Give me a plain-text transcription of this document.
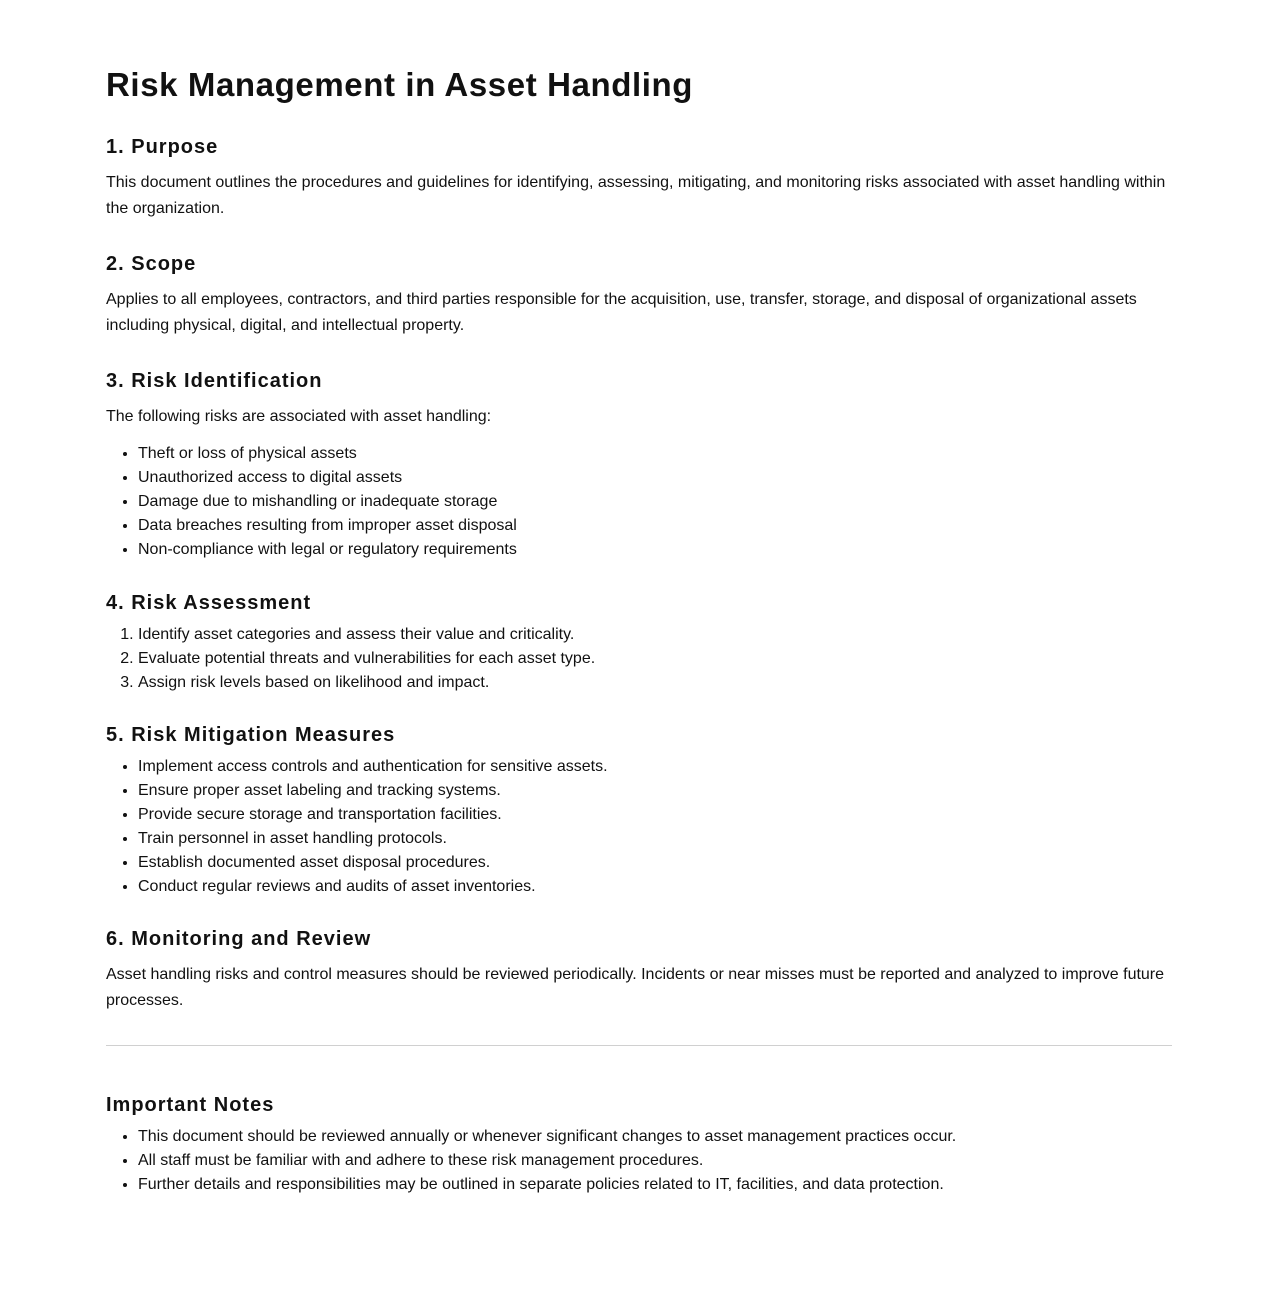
Risk Management in Asset Handling
1. Purpose

This document outlines the procedures and guidelines for identifying, assessing, mitigating, and monitoring risks associated with asset handling within the organization.

2. Scope

Applies to all employees, contractors, and third parties responsible for the acquisition, use, transfer, storage, and disposal of organizational assets including physical, digital, and intellectual property.

3. Risk Identification

The following risks are associated with asset handling:

• Theft or loss of physical assets
• Unauthorized access to digital assets
• Damage due to mishandling or inadequate storage
• Data breaches resulting from improper asset disposal
• Non-compliance with legal or regulatory requirements
4. Risk Assessment
1. Identify asset categories and assess their value and criticality.
2. Evaluate potential threats and vulnerabilities for each asset type.
3. Assign risk levels based on likelihood and impact.
5. Risk Mitigation Measures
• Implement access controls and authentication for sensitive assets.
• Ensure proper asset labeling and tracking systems.
• Provide secure storage and transportation facilities.
• Train personnel in asset handling protocols.
• Establish documented asset disposal procedures.
• Conduct regular reviews and audits of asset inventories.
6. Monitoring and Review

Asset handling risks and control measures should be reviewed periodically. Incidents or near misses must be reported and analyzed to improve future processes.

Important Notes
• This document should be reviewed annually or whenever significant changes to asset management practices occur.
• All staff must be familiar with and adhere to these risk management procedures.
• Further details and responsibilities may be outlined in separate policies related to IT, facilities, and data protection.
